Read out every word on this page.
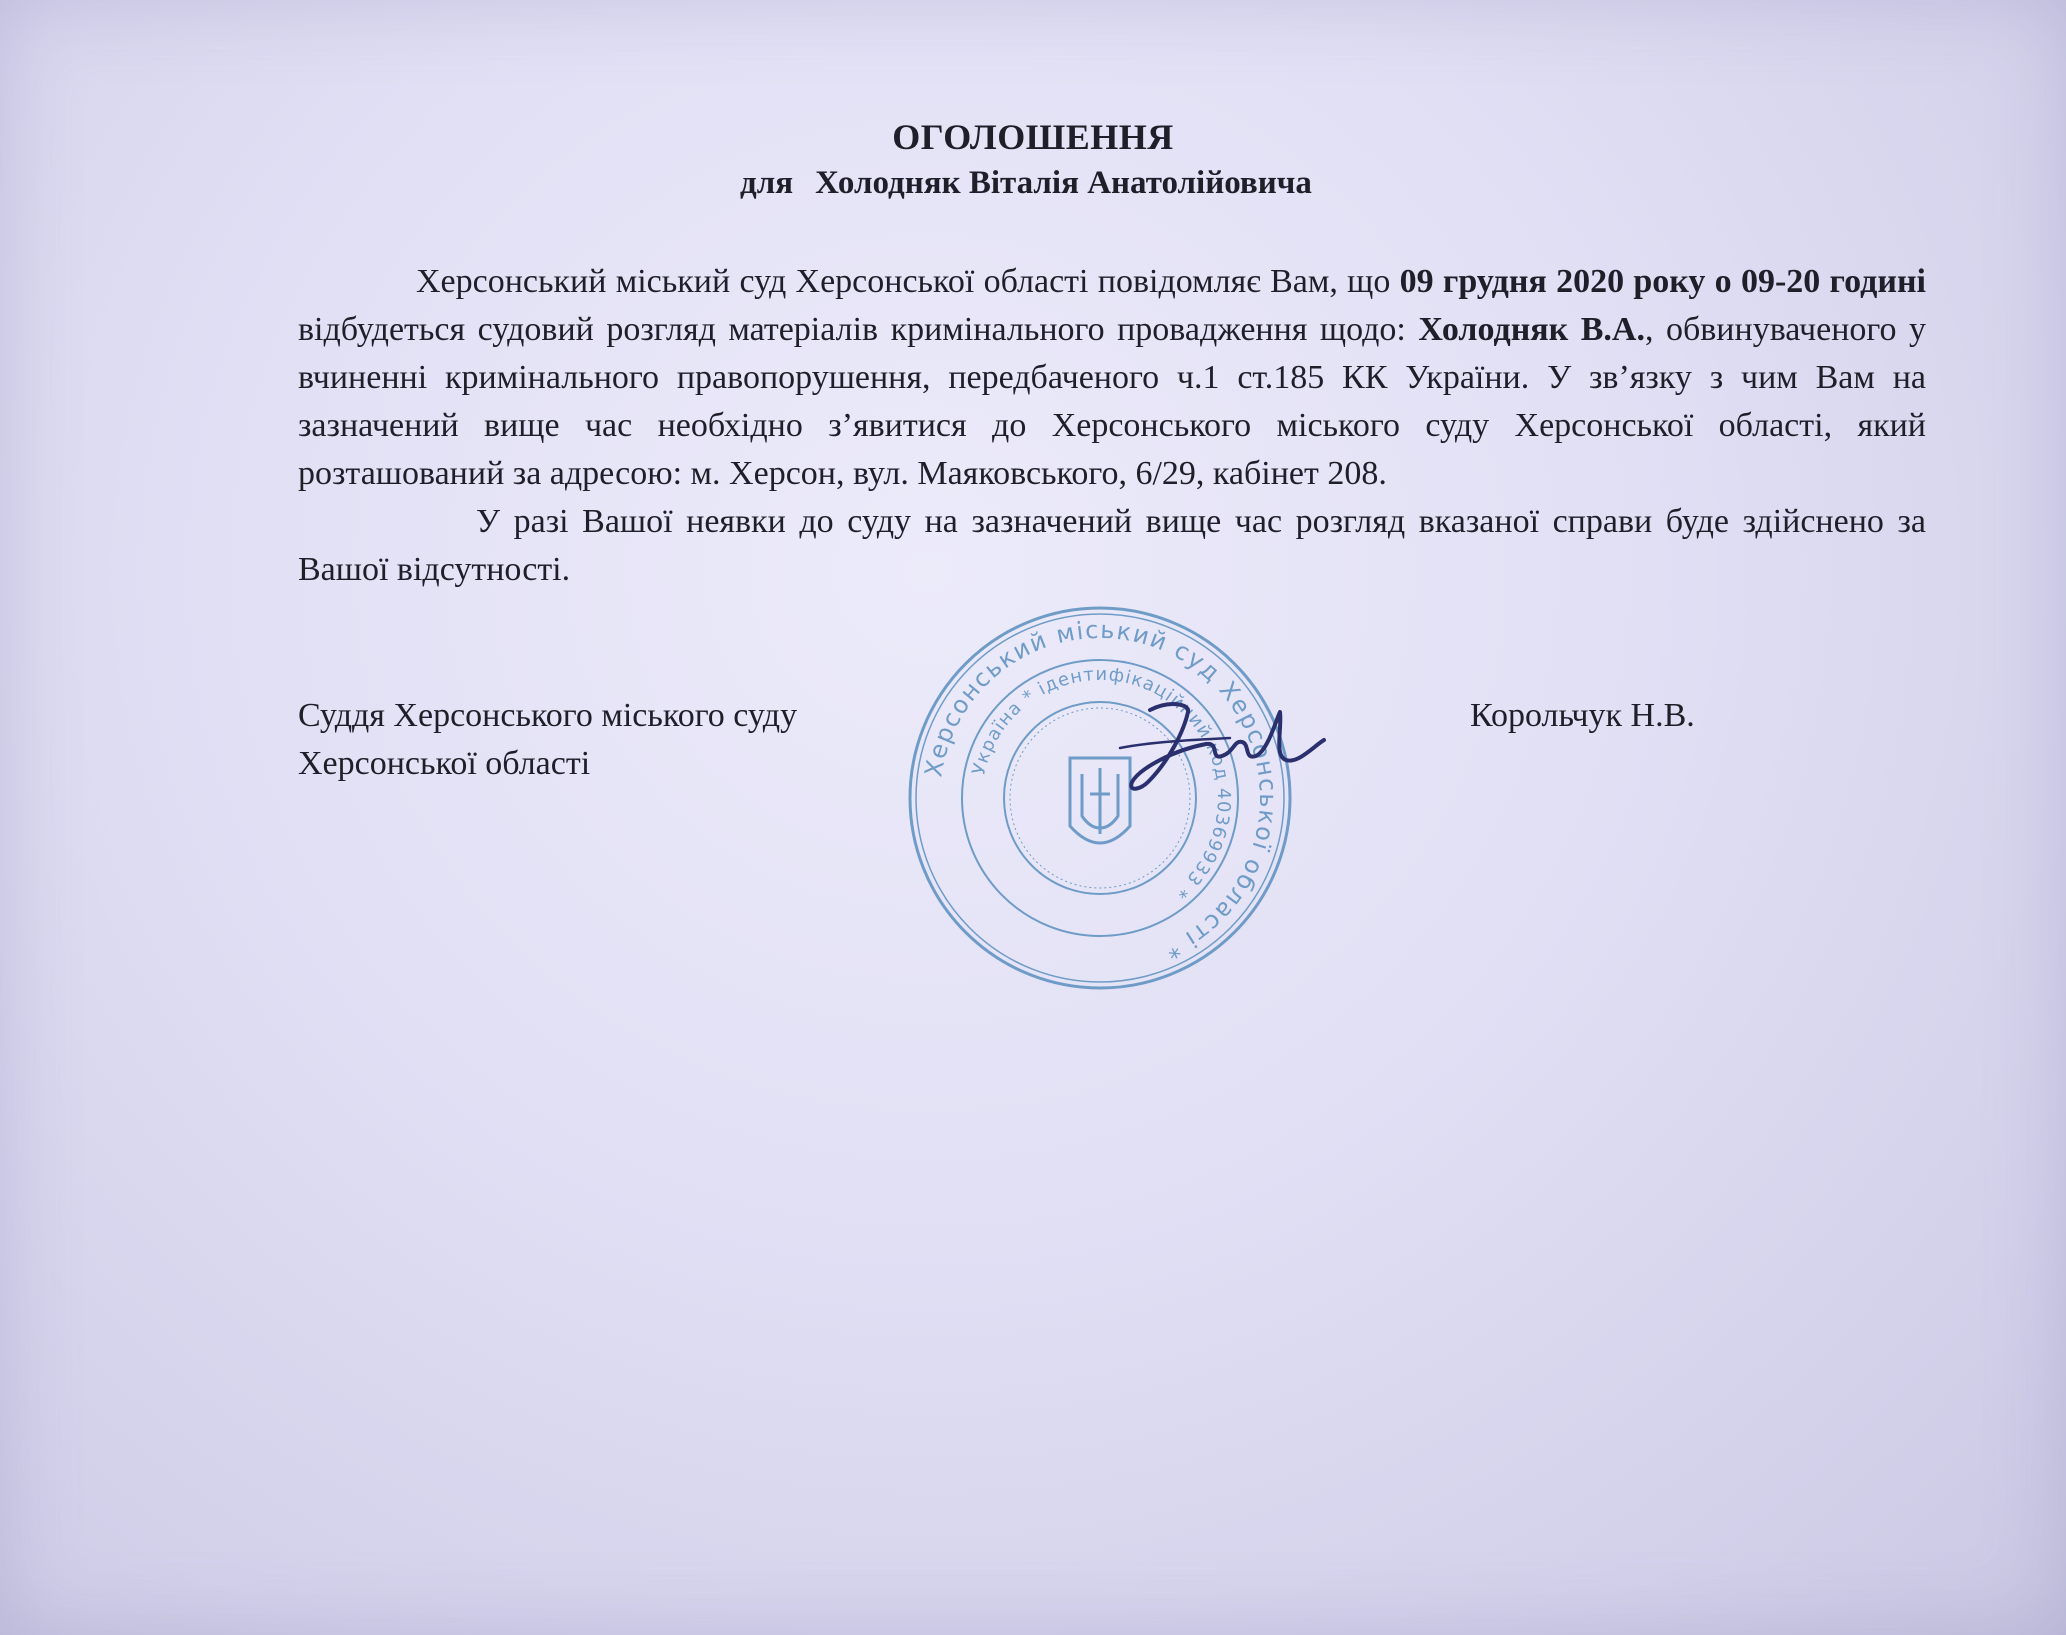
ОГОЛОШЕННЯ
для Холодняк Віталія Анатолійовича

Херсонський міський суд Херсонської області повідомляє Вам, що 09 грудня 2020 року о 09-20 годині відбудеться судовий розгляд матеріалів кримінального провадження щодо: Холодняк В.А., обвинуваченого у вчиненні кримінального правопорушення, передбаченого ч.1 ст.185 КК України. У зв’язку з чим Вам на зазначений вище час необхідно з’явитися до Херсонського міського суду Херсонської області, який розташований за адресою: м. Херсон, вул. Маяковського, 6/29, кабінет 208.

У разі Вашої неявки до суду на зазначений вище час розгляд вказаної справи буде здійснено за Вашої відсутності.

Суддя Херсонського міського суду
Херсонської області
Корольчук Н.В.
Херсонський міський суд Херсонської області *
Україна * ідентифікаційний код 40369933 *
